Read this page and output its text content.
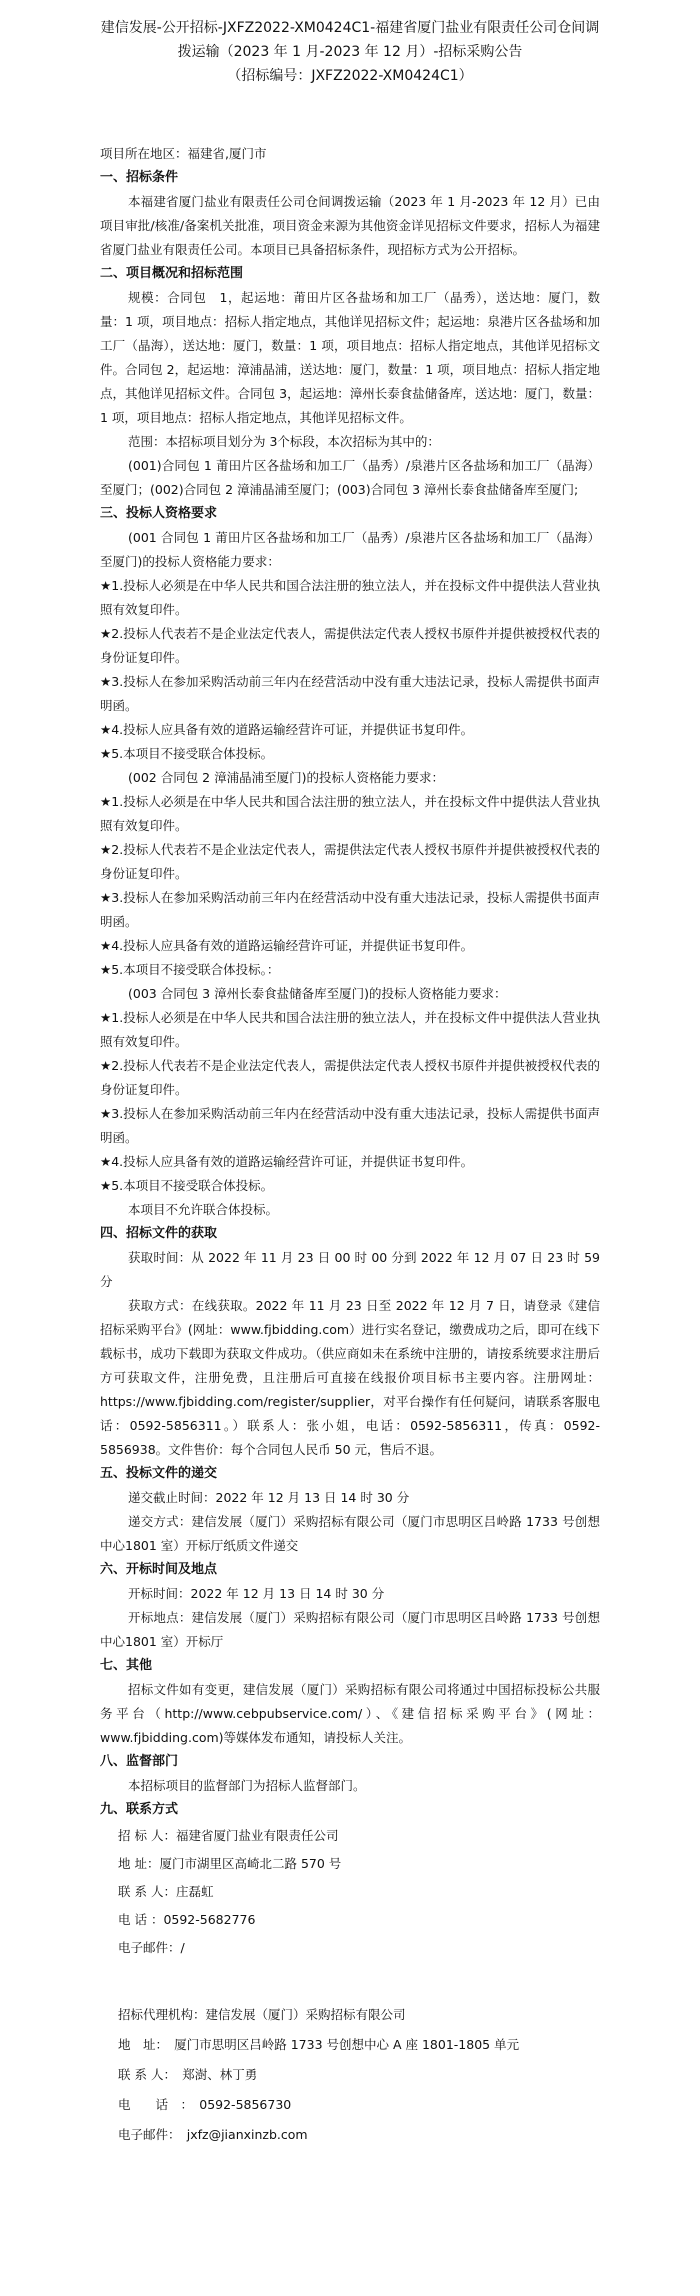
建信发展-公开招标-JXFZ2022-XM0424C1-福建省厦门盐业有限责任公司仓间调
拨运输（2023 年 1 月-2023 年 12 月）-招标采购公告
（招标编号：JXFZ2022-XM0424C1）

项目所在地区：福建省,厦门市

一、招标条件

本福建省厦门盐业有限责任公司仓间调拨运输（2023 年 1 月-2023 年 12 月）已由项目审批/核准/备案机关批准，项目资金来源为其他资金详见招标文件要求，招标人为福建省厦门盐业有限责任公司。本项目已具备招标条件，现招标方式为公开招标。

二、项目概况和招标范围

规模：合同包　1，起运地：莆田片区各盐场和加工厂（晶秀），送达地：厦门，数量：1 项，项目地点：招标人指定地点，其他详见招标文件；起运地：泉港片区各盐场和加工厂（晶海），送达地：厦门，数量：1 项，项目地点：招标人指定地点，其他详见招标文件。合同包 2，起运地：漳浦晶浦，送达地：厦门，数量：1 项，项目地点：招标人指定地点，其他详见招标文件。合同包 3，起运地：漳州长泰食盐储备库，送达地：厦门，数量：1 项，项目地点：招标人指定地点，其他详见招标文件。

范围：本招标项目划分为 3个标段，本次招标为其中的：

(001)合同包 1 莆田片区各盐场和加工厂（晶秀）/泉港片区各盐场和加工厂（晶海）至厦门；(002)合同包 2 漳浦晶浦至厦门；(003)合同包 3 漳州长泰食盐储备库至厦门;

三、投标人资格要求

(001 合同包 1 莆田片区各盐场和加工厂（晶秀）/泉港片区各盐场和加工厂（晶海）至厦门)的投标人资格能力要求：

★1.投标人必须是在中华人民共和国合法注册的独立法人，并在投标文件中提供法人营业执照有效复印件。

★2.投标人代表若不是企业法定代表人，需提供法定代表人授权书原件并提供被授权代表的身份证复印件。

★3.投标人在参加采购活动前三年内在经营活动中没有重大违法记录，投标人需提供书面声明函。

★4.投标人应具备有效的道路运输经营许可证，并提供证书复印件。

★5.本项目不接受联合体投标。

(002 合同包 2 漳浦晶浦至厦门)的投标人资格能力要求：

★1.投标人必须是在中华人民共和国合法注册的独立法人，并在投标文件中提供法人营业执照有效复印件。

★2.投标人代表若不是企业法定代表人，需提供法定代表人授权书原件并提供被授权代表的身份证复印件。

★3.投标人在参加采购活动前三年内在经营活动中没有重大违法记录，投标人需提供书面声明函。

★4.投标人应具备有效的道路运输经营许可证，并提供证书复印件。

★5.本项目不接受联合体投标。：

(003 合同包 3 漳州长泰食盐储备库至厦门)的投标人资格能力要求：

★1.投标人必须是在中华人民共和国合法注册的独立法人，并在投标文件中提供法人营业执照有效复印件。

★2.投标人代表若不是企业法定代表人，需提供法定代表人授权书原件并提供被授权代表的身份证复印件。

★3.投标人在参加采购活动前三年内在经营活动中没有重大违法记录，投标人需提供书面声明函。

★4.投标人应具备有效的道路运输经营许可证，并提供证书复印件。

★5.本项目不接受联合体投标。

本项目不允许联合体投标。

四、招标文件的获取

获取时间：从 2022 年 11 月 23 日 00 时 00 分到 2022 年 12 月 07 日 23 时 59 分

获取方式：在线获取。2022 年 11 月 23 日至 2022 年 12 月 7 日，请登录《建信招标采购平台》(网址：www.fjbidding.com）进行实名登记，缴费成功之后，即可在线下载标书，成功下载即为获取文件成功。（供应商如未在系统中注册的，请按系统要求注册后方可获取文件，注册免费，且注册后可直接在线报价项目标书主要内容。注册网址：https://www.fjbidding.com/register/supplier，对平台操作有任何疑问，请联系客服电话：0592-5856311。）联系人：张小姐，电话：0592-5856311，传真：0592-5856938。文件售价：每个合同包人民币 50 元，售后不退。

五、投标文件的递交

递交截止时间：2022 年 12 月 13 日 14 时 30 分

递交方式：建信发展（厦门）采购招标有限公司（厦门市思明区吕岭路 1733 号创想中心1801 室）开标厅纸质文件递交

六、开标时间及地点

开标时间：2022 年 12 月 13 日 14 时 30 分

开标地点：建信发展（厦门）采购招标有限公司（厦门市思明区吕岭路 1733 号创想中心1801 室）开标厅

七、其他

招标文件如有变更，建信发展（厦门）采购招标有限公司将通过中国招标投标公共服务平台（http://www.cebpubservice.com/）、《建信招标采购平台》(网址：www.fjbidding.com)等媒体发布通知，请投标人关注。

八、监督部门

本招标项目的监督部门为招标人监督部门。

九、联系方式
招 标 人：福建省厦门盐业有限责任公司
地 址：厦门市湖里区高崎北二路 570 号
联 系 人：庄磊虹
电 话 ：0592-5682776
电子邮件：/
招标代理机构：建信发展（厦门）采购招标有限公司
地　址：　厦门市思明区吕岭路 1733 号创想中心 A 座 1801-1805 单元
联 系 人：　郑澍、林丁勇
电　　话　：　0592-5856730
电子邮件：　jxfz@jianxinzb.com
